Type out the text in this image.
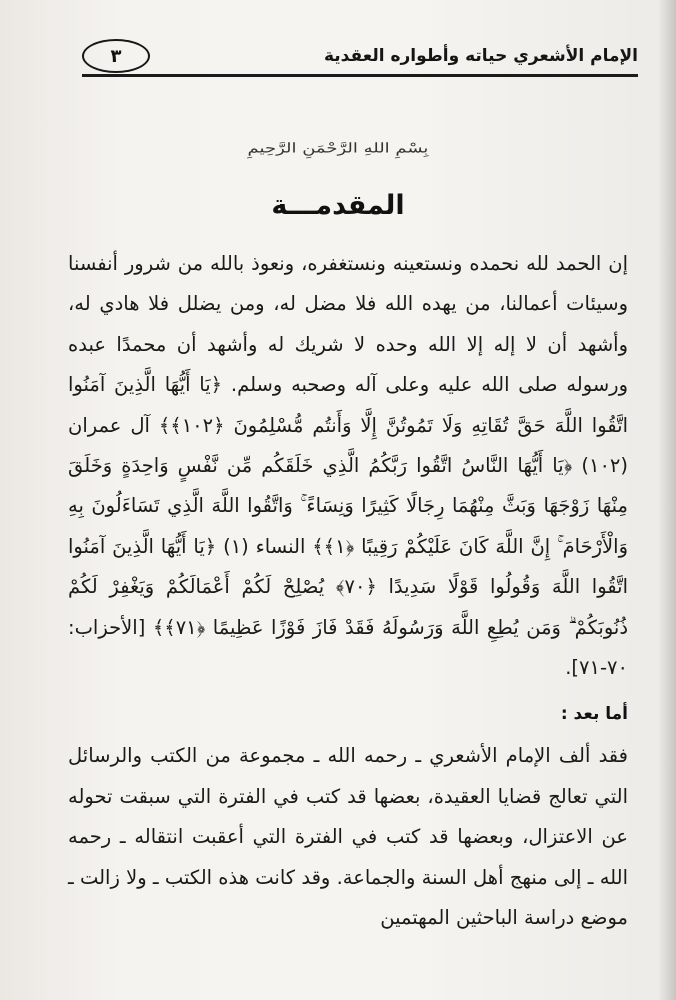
الإمام الأشعري حياته وأطواره العقدية
٣
بِسْمِ اللهِ الرَّحْمَنِ الرَّحِيمِ
المقدمـــة

إن الحمد لله نحمده ونستعينه ونستغفره، ونعوذ بالله من شرور أنفسنا وسيئات أعمالنا، من يهده الله فلا مضل له، ومن يضلل فلا هادي له، وأشهد أن لا إله إلا الله وحده لا شريك له وأشهد أن محمدًا عبده ورسوله صلى الله عليه وعلى آله وصحبه وسلم. ﴿يَا أَيُّهَا الَّذِينَ آمَنُوا اتَّقُوا اللَّهَ حَقَّ تُقَاتِهِ وَلَا تَمُوتُنَّ إِلَّا وَأَنتُم مُّسْلِمُونَ ﴿١٠٢﴾﴾ آل عمران (١٠٢) ﴿يَا أَيُّهَا النَّاسُ اتَّقُوا رَبَّكُمُ الَّذِي خَلَقَكُم مِّن نَّفْسٍ وَاحِدَةٍ وَخَلَقَ مِنْهَا زَوْجَهَا وَبَثَّ مِنْهُمَا رِجَالًا كَثِيرًا وَنِسَاءً ۚ وَاتَّقُوا اللَّهَ الَّذِي تَسَاءَلُونَ بِهِ وَالْأَرْحَامَ ۚ إِنَّ اللَّهَ كَانَ عَلَيْكُمْ رَقِيبًا ﴿١﴾﴾ النساء (١) ﴿يَا أَيُّهَا الَّذِينَ آمَنُوا اتَّقُوا اللَّهَ وَقُولُوا قَوْلًا سَدِيدًا ﴿٧٠﴾ يُصْلِحْ لَكُمْ أَعْمَالَكُمْ وَيَغْفِرْ لَكُمْ ذُنُوبَكُمْ ۗ وَمَن يُطِعِ اللَّهَ وَرَسُولَهُ فَقَدْ فَازَ فَوْزًا عَظِيمًا ﴿٧١﴾﴾ [الأحزاب: ٧٠-٧١].

أما بعد :

فقد ألف الإمام الأشعري ـ رحمه الله ـ مجموعة من الكتب والرسائل التي تعالج قضايا العقيدة، بعضها قد كتب في الفترة التي سبقت تحوله عن الاعتزال، وبعضها قد كتب في الفترة التي أعقبت انتقاله ـ رحمه الله ـ إلى منهج أهل السنة والجماعة. وقد كانت هذه الكتب ـ ولا زالت ـ موضع دراسة الباحثين المهتمين
